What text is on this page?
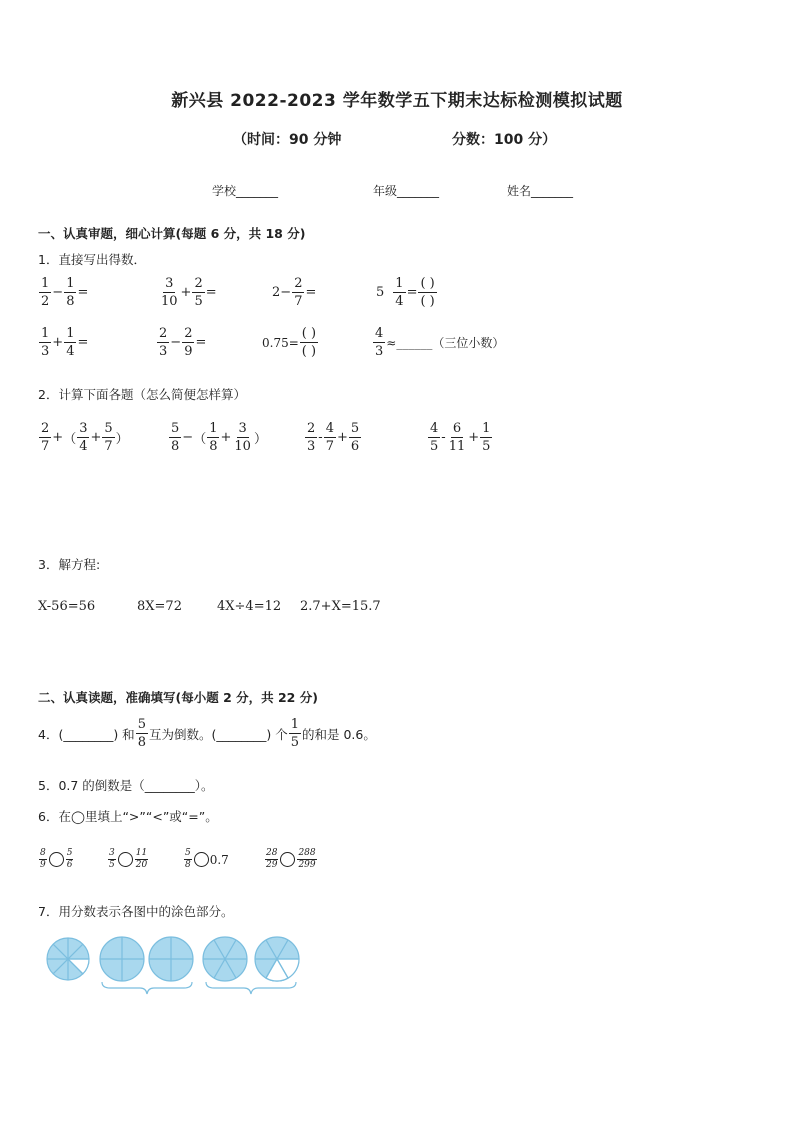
新兴县 2022-2023 学年数学五下期末达标检测模拟试题
（时间：90 分钟	分数：100 分）
学校_______	年级_______	姓名_______
一、认真审题，细心计算(每题 6 分，共 18 分)
1．直接写出得数．
$\frac{1}{2} - \frac{1}{8}$ =	$\frac{3}{10} + \frac{2}{5}$ =	$2 - \frac{2}{7}$ =	$5 \frac{1}{4} = \frac{( )}{( )}$
$\frac{1}{3} + \frac{1}{4}$ =	$\frac{2}{3} - \frac{2}{9}$ =	$0.75= \frac{( )}{( )}$	$\frac{4}{3}$ ≈______（三位小数）
2．计算下面各题（怎么简便怎样算）
$\frac{2}{7}$ + （ $\frac{3}{4} + \frac{5}{7}$ ）	$\frac{5}{8}$ − （ $\frac{1}{8} + \frac{3}{10}$ ）	$\frac{2}{3} - \frac{4}{7} + \frac{5}{6}$	$\frac{4}{5} - \frac{6}{11} + \frac{1}{5}$
3．解方程:
X-56=56	8X=72	4X÷4=12 2.7+X=15.7
二、认真读题，准确填写(每小题 2 分，共 22 分)
4．(________) 和 $\frac{5}{8}$ 互为倒数。(________) 个 $\frac{1}{5}$ 的和是 0.6。
5．0.7 的倒数是（________）。
6．在◯里填上“>”“<”或“=”。
$\frac{8}{9} \frac{5}{6}$	$\frac{3}{5} \frac{11}{20}$	$\frac{5}{8} 0.7$	$\frac{28}{29} \frac{288}{299}$
7．用分数表示各图中的涂色部分。
